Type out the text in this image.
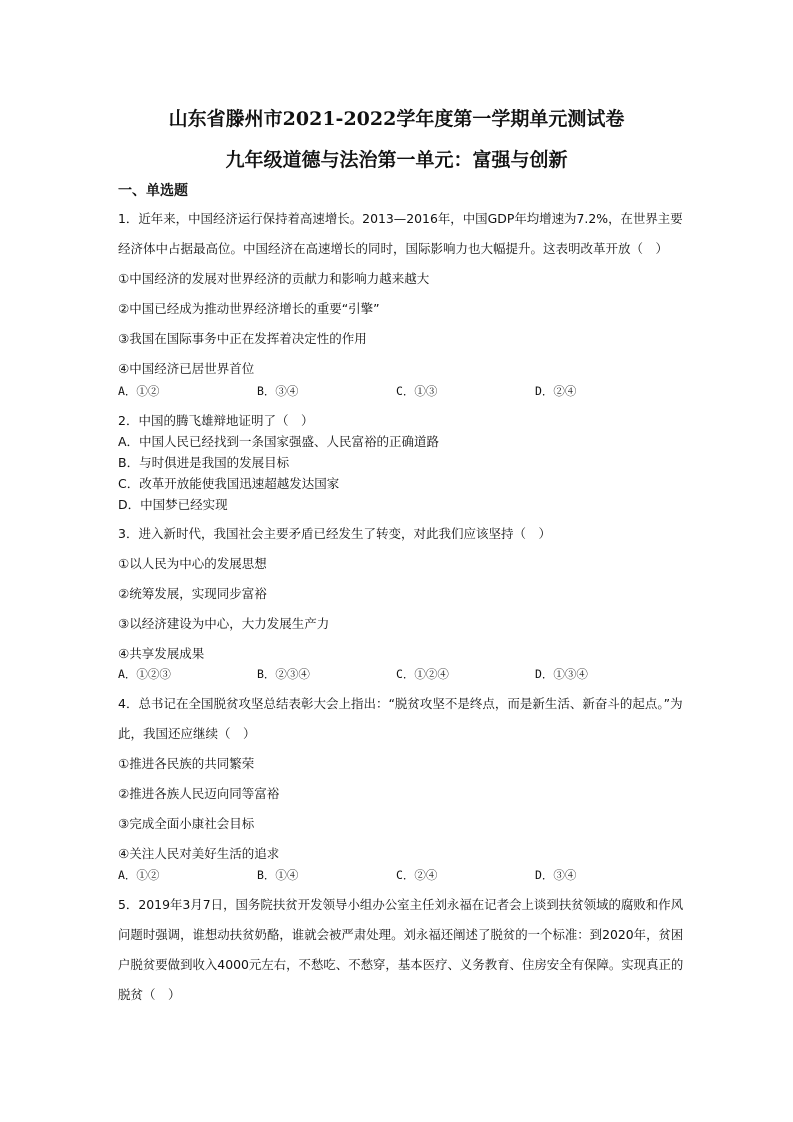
山东省滕州市2021-2022学年度第一学期单元测试卷
九年级道德与法治第一单元：富强与创新
一、单选题
1．近年来，中国经济运行保持着高速增长。2013—2016年，中国GDP年均增速为7.2%，在世界主要
经济体中占据最高位。中国经济在高速增长的同时，国际影响力也大幅提升。这表明改革开放（　）
①中国经济的发展对世界经济的贡献力和影响力越来越大
②中国已经成为推动世界经济增长的重要“引擎”
③我国在国际事务中正在发挥着决定性的作用
④中国经济已居世界首位
A．①②	B．③④	C．①③	D．②④
2．中国的腾飞雄辩地证明了（　）
A．中国人民已经找到一条国家强盛、人民富裕的正确道路
B．与时俱进是我国的发展目标
C．改革开放能使我国迅速超越发达国家
D．中国梦已经实现
3．进入新时代，我国社会主要矛盾已经发生了转变，对此我们应该坚持（　）
①以人民为中心的发展思想
②统筹发展，实现同步富裕
③以经济建设为中心，大力发展生产力
④共享发展成果
A．①②③	B．②③④	C．①②④	D．①③④
4．总书记在全国脱贫攻坚总结表彰大会上指出：“脱贫攻坚不是终点，而是新生活、新奋斗的起点。”为
此，我国还应继续（　）
①推进各民族的共同繁荣
②推进各族人民迈向同等富裕
③完成全面小康社会目标
④关注人民对美好生活的追求
A．①②	B．①④	C．②④	D．③④
5．2019年3月7日，国务院扶贫开发领导小组办公室主任刘永福在记者会上谈到扶贫领域的腐败和作风
问题时强调，谁想动扶贫奶酪，谁就会被严肃处理。刘永福还阐述了脱贫的一个标准：到2020年，贫困
户脱贫要做到收入4000元左右，不愁吃、不愁穿，基本医疗、义务教育、住房安全有保障。实现真正的
脱贫（　）
